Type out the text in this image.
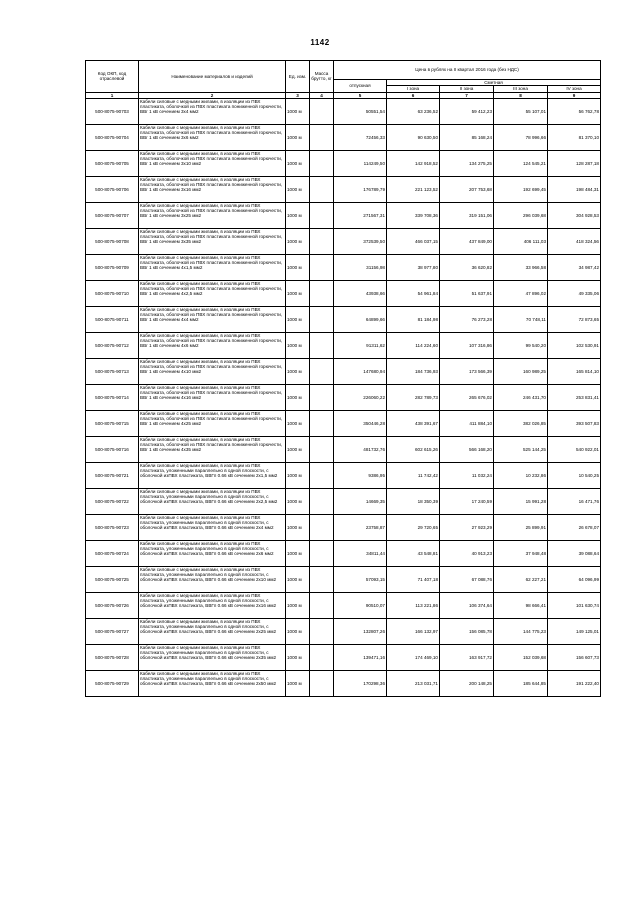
1142
Код ОКП, код отраслевой	Наименование материалов и изделий	Ед. изм.	Масса брутто, кг	Цена в рублях на II квартал 2016 года (без НДС)				
				отпускная	Сметная			
					I зона	II зона	III зона	IV зона
1	2	3	4	5	6	7	8	9
500-8075-90703	Кабели силовые с медными жилами, в изоляции из ПВХ пластиката, оболочкой из ПВХ пластиката пониженной горючести, ВВг 1 кВ сечением 3х4 мм2	1000 м		50551,54	63 236,52	59 412,23	55 107,01	56 762,78
500-8075-90704	Кабели силовые с медными жилами, в изоляции из ПВХ пластиката, оболочкой из ПВХ пластиката пониженной горючести, ВВг 1 кВ сечением 3х6 мм2	1000 м		72456,33	90 630,50	85 168,24	78 996,66	81 370,10
500-8075-90705	Кабели силовые с медными жилами, в изоляции из ПВХ пластиката, оболочкой из ПВХ пластиката пониженной горючести, ВВг 1 кВ сечением 3х10 мм2	1000 м		114249,50	142 918,52	134 275,25	124 545,21	128 287,18
500-8075-90706	Кабели силовые с медными жилами, в изоляции из ПВХ пластиката, оболочкой из ПВХ пластиката пониженной горючести, ВВг 1 кВ сечением 3х16 мм2	1000 м		176789,79	221 123,52	207 753,68	192 699,45	198 484,31
500-8075-90707	Кабели силовые с медными жилами, в изоляции из ПВХ пластиката, оболочкой из ПВХ пластиката пониженной горючести, ВВг 1 кВ сечением 3х25 мм2	1000 м		271567,31	339 708,36	319 151,06	296 039,68	304 928,53
500-8075-90708	Кабели силовые с медными жилами, в изоляции из ПВХ пластиката, оболочкой из ПВХ пластиката пониженной горючести, ВВг 1 кВ сечением 3х35 мм2	1000 м		372539,50	466 037,15	437 849,00	406 111,03	418 324,56
500-8075-90709	Кабели силовые с медными жилами, в изоляции из ПВХ пластиката, оболочкой из ПВХ пластиката пониженной горючести, ВВг 1 кВ сечением 4х1,5 мм2	1000 м		31156,98	38 977,80	36 620,82	33 966,58	34 987,42
500-8075-90710	Кабели силовые с медными жилами, в изоляции из ПВХ пластиката, оболочкой из ПВХ пластиката пониженной горючести, ВВг 1 кВ сечением 4х2,5 мм2	1000 м		43938,66	54 961,84	51 637,91	47 896,02	49 335,06
500-8075-90711	Кабели силовые с медными жилами, в изоляции из ПВХ пластиката, оболочкой из ПВХ пластиката пониженной горючести, ВВг 1 кВ сечением 4х4 мм2	1000 м		64899,66	81 184,98	76 273,28	70 748,11	72 873,65
500-8075-90712	Кабели силовые с медными жилами, в изоляции из ПВХ пластиката, оболочкой из ПВХ пластиката пониженной горючести, ВВг 1 кВ сечением 4х6 мм2	1000 м		91311,62	114 224,60	107 316,86	99 540,20	102 530,91
500-8075-90713	Кабели силовые с медными жилами, в изоляции из ПВХ пластиката, оболочкой из ПВХ пластиката пониженной горючести, ВВг 1 кВ сечением 4х10 мм2	1000 м		147680,94	184 736,93	173 566,39	160 989,25	165 814,10
500-8075-90714	Кабели силовые с медными жилами, в изоляции из ПВХ пластиката, оболочкой из ПВХ пластиката пониженной горючести, ВВг 1 кВ сечением 4х16 мм2	1000 м		226060,22	282 789,73	265 676,02	246 431,70	253 831,41
500-8075-90715	Кабели силовые с медными жилами, в изоляции из ПВХ пластиката, оболочкой из ПВХ пластиката пониженной горючести, ВВг 1 кВ сечением 4х25 мм2	1000 м		350446,28	438 391,67	411 884,10	382 026,85	393 507,83
500-8075-90716	Кабели силовые с медными жилами, в изоляции из ПВХ пластиката, оболочкой из ПВХ пластиката пониженной горючести, ВВг 1 кВ сечением 4х35 мм2	1000 м		481732,76	602 615,26	566 168,20	525 144,25	540 922,01
500-8075-90721	Кабели силовые с медными жилами, в изоляции из ПВХ пластиката, уложенными параллельно в одной плоскости, с оболочкой изПВХ пластиката, ВВГп 0.66 кВ сечением 2х1,5 мм2	1000 м		9386,95	11 742,42	11 032,24	10 232,86	10 540,25
500-8075-90722	Кабели силовые с медными жилами, в изоляции из ПВХ пластиката, уложенными параллельно в одной плоскости, с оболочкой изПВХ пластиката, ВВГп 0.66 кВ сечением 2х2,5 мм2	1000 м		14669,35	18 350,39	17 240,59	15 991,28	16 471,76
500-8075-90723	Кабели силовые с медными жилами, в изоляции из ПВХ пластиката, уложенными параллельно в одной плоскости, с оболочкой изПВХ пластиката, ВВГп 0.66 кВ сечением 2х4 мм2	1000 м		23758,87	29 720,65	27 923,29	25 899,91	26 678,07
500-8075-90724	Кабели силовые с медными жилами, в изоляции из ПВХ пластиката, уложенными параллельно в одной плоскости, с оболочкой изПВХ пластиката, ВВГп 0.66 кВ сечением 2х6 мм2	1000 м		34811,44	43 548,81	40 913,23	37 948,48	39 088,64
500-8075-90725	Кабели силовые с медными жилами, в изоляции из ПВХ пластиката, уложенными параллельно в одной плоскости, с оболочкой изПВХ пластиката, ВВГп 0.66 кВ сечением 2х10 мм2	1000 м		57093,15	71 407,18	67 088,76	62 227,21	64 096,99
500-8075-90726	Кабели силовые с медными жилами, в изоляции из ПВХ пластиката, уложенными параллельно в одной плоскости, с оболочкой изПВХ пластиката, ВВГп 0.66 кВ сечением 2х16 мм2	1000 м		90510,07	113 221,86	106 374,64	98 666,41	101 630,74
500-8075-90727	Кабели силовые с медными жилами, в изоляции из ПВХ пластиката, уложенными параллельно в одной плоскости, с оболочкой изПВХ пластиката, ВВГп 0.66 кВ сечением 2х25 мм2	1000 м		132807,26	166 132,97	156 085,78	144 775,23	149 125,01
500-8075-90728	Кабели силовые с медными жилами, в изоляции из ПВХ пластиката, уложенными параллельно в одной плоскости, с оболочкой изПВХ пластиката, ВВГп 0.66 кВ сечением 2х35 мм2	1000 м		139471,16	174 469,10	163 917,72	152 039,68	156 607,73
500-8075-90729	Кабели силовые с медными жилами, в изоляции из ПВХ пластиката, уложенными параллельно в одной плоскости, с оболочкой изПВХ пластиката, ВВГп 0.66 кВ сечением 2х50 мм2	1000 м		170298,36	213 031,71	200 148,25	185 644,85	191 222,40
